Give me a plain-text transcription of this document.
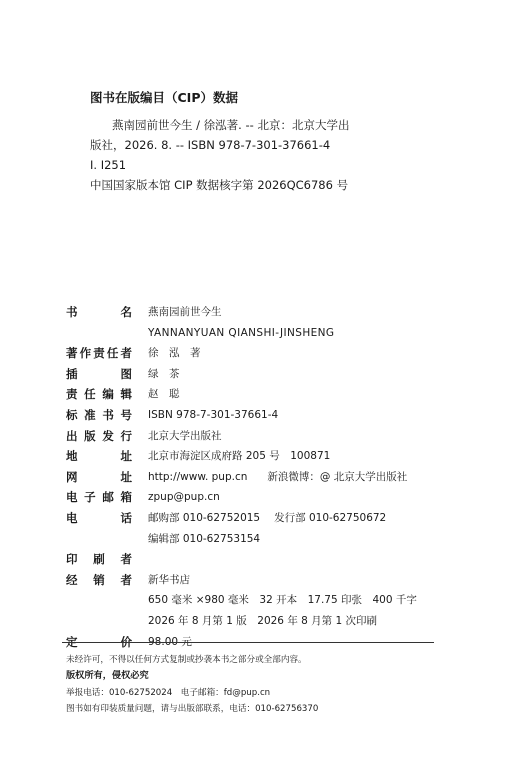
图书在版编目（CIP）数据
燕南园前世今生 / 徐泓著. -- 北京：北京大学出
版社，2026. 8. -- ISBN 978-7-301-37661-4
Ⅰ. I251
中国国家版本馆 CIP 数据核字第 2026QC6786 号
书	名 燕南园前世今生
YANNANYUAN QIANSHI-JINSHENG
著 作 责 任 者 徐　泓　著
插	图 绿　茶
责 任 编 辑 赵　聪
标 准 书 号 ISBN 978-7-301-37661-4
出 版 发 行 北京大学出版社
地	址 北京市海淀区成府路 205 号　100871
网	址 http://www. pup.cn 新浪微博：@ 北京大学出版社
电 子 邮 箱 zpup@pup.cn
电	话 邮购部 010-62752015 发行部 010-62750672
编辑部 010-62753154
印 刷 者
经 销 者 新华书店
650 毫米 ×980 毫米　32 开本　17.75 印张　400 千字
2026 年 8 月第 1 版　2026 年 8 月第 1 次印刷
定	价 98.00 元
未经许可，不得以任何方式复制或抄袭本书之部分或全部内容。
版权所有，侵权必究
举报电话：010-62752024　电子邮箱：fd@pup.cn
图书如有印装质量问题，请与出版部联系，电话：010-62756370
